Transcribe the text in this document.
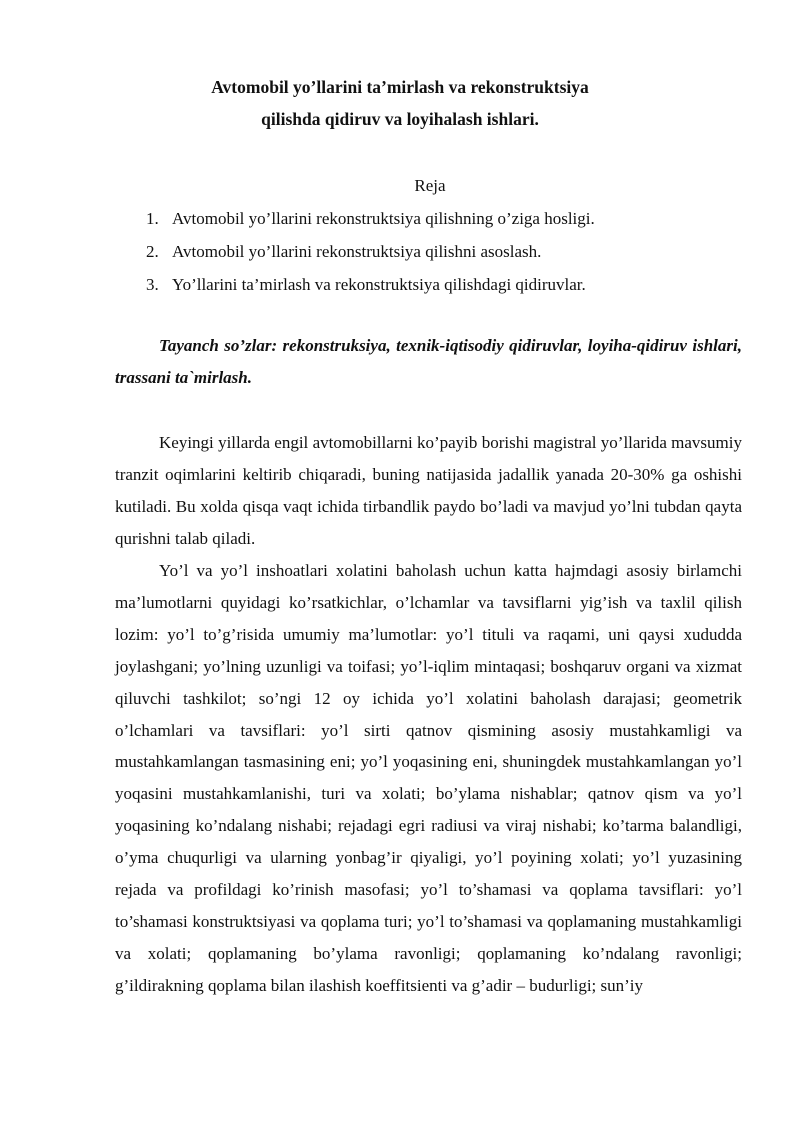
Avtomobil yo’llarini ta’mirlash va rekonstruktsiya
qilishda qidiruv va loyihalash ishlari.
Reja
1. Avtomobil yo’llarini rekonstruktsiya qilishning o’ziga hosligi.
2. Avtomobil yo’llarini rekonstruktsiya qilishni asoslash.
3. Yo’llarini ta’mirlash va rekonstruktsiya qilishdagi qidiruvlar.

Tayanch so’zlar: rekonstruksiya, texnik-iqtisodiy qidiruvlar, loyiha-qidiruv ishlari, trassani ta`mirlash.

Keyingi yillarda engil avtomobillarni ko’payib borishi magistral yo’llarida mavsumiy tranzit oqimlarini keltirib chiqaradi, buning natijasida jadallik yanada 20-30% ga oshishi kutiladi. Bu xolda qisqa vaqt ichida tirbandlik paydo bo’ladi va mavjud yo’lni tubdan qayta qurishni talab qiladi.

Yo’l va yo’l inshoatlari xolatini baholash uchun katta hajmdagi asosiy birlamchi ma’lumotlarni quyidagi ko’rsatkichlar, o’lchamlar va tavsiflarni yig’ish va taxlil qilish lozim: yo’l to’g’risida umumiy ma’lumotlar: yo’l tituli va raqami, uni qaysi xududda joylashgani; yo’lning uzunligi va toifasi; yo’l-iqlim mintaqasi; boshqaruv organi va xizmat qiluvchi tashkilot; so’ngi 12 oy ichida yo’l xolatini baholash darajasi; geometrik o’lchamlari va tavsiflari: yo’l sirti qatnov qismining asosiy mustahkamligi va mustahkamlangan tasmasining eni; yo’l yoqasining eni, shuningdek mustahkamlangan yo’l yoqasini mustahkamlanishi, turi va xolati; bo’ylama nishablar; qatnov qism va yo’l yoqasining ko’ndalang nishabi; rejadagi egri radiusi va viraj nishabi; ko’tarma balandligi, o’yma chuqurligi va ularning yonbag’ir qiyaligi, yo’l poyining xolati; yo’l yuzasining rejada va profildagi ko’rinish masofasi; yo’l to’shamasi va qoplama tavsiflari: yo’l to’shamasi konstruktsiyasi va qoplama turi; yo’l to’shamasi va qoplamaning mustahkamligi va xolati; qoplamaning bo’ylama ravonligi; qoplamaning ko’ndalang ravonligi; g’ildirakning qoplama bilan ilashish koeffitsienti va g’adir – budurligi; sun’iy
